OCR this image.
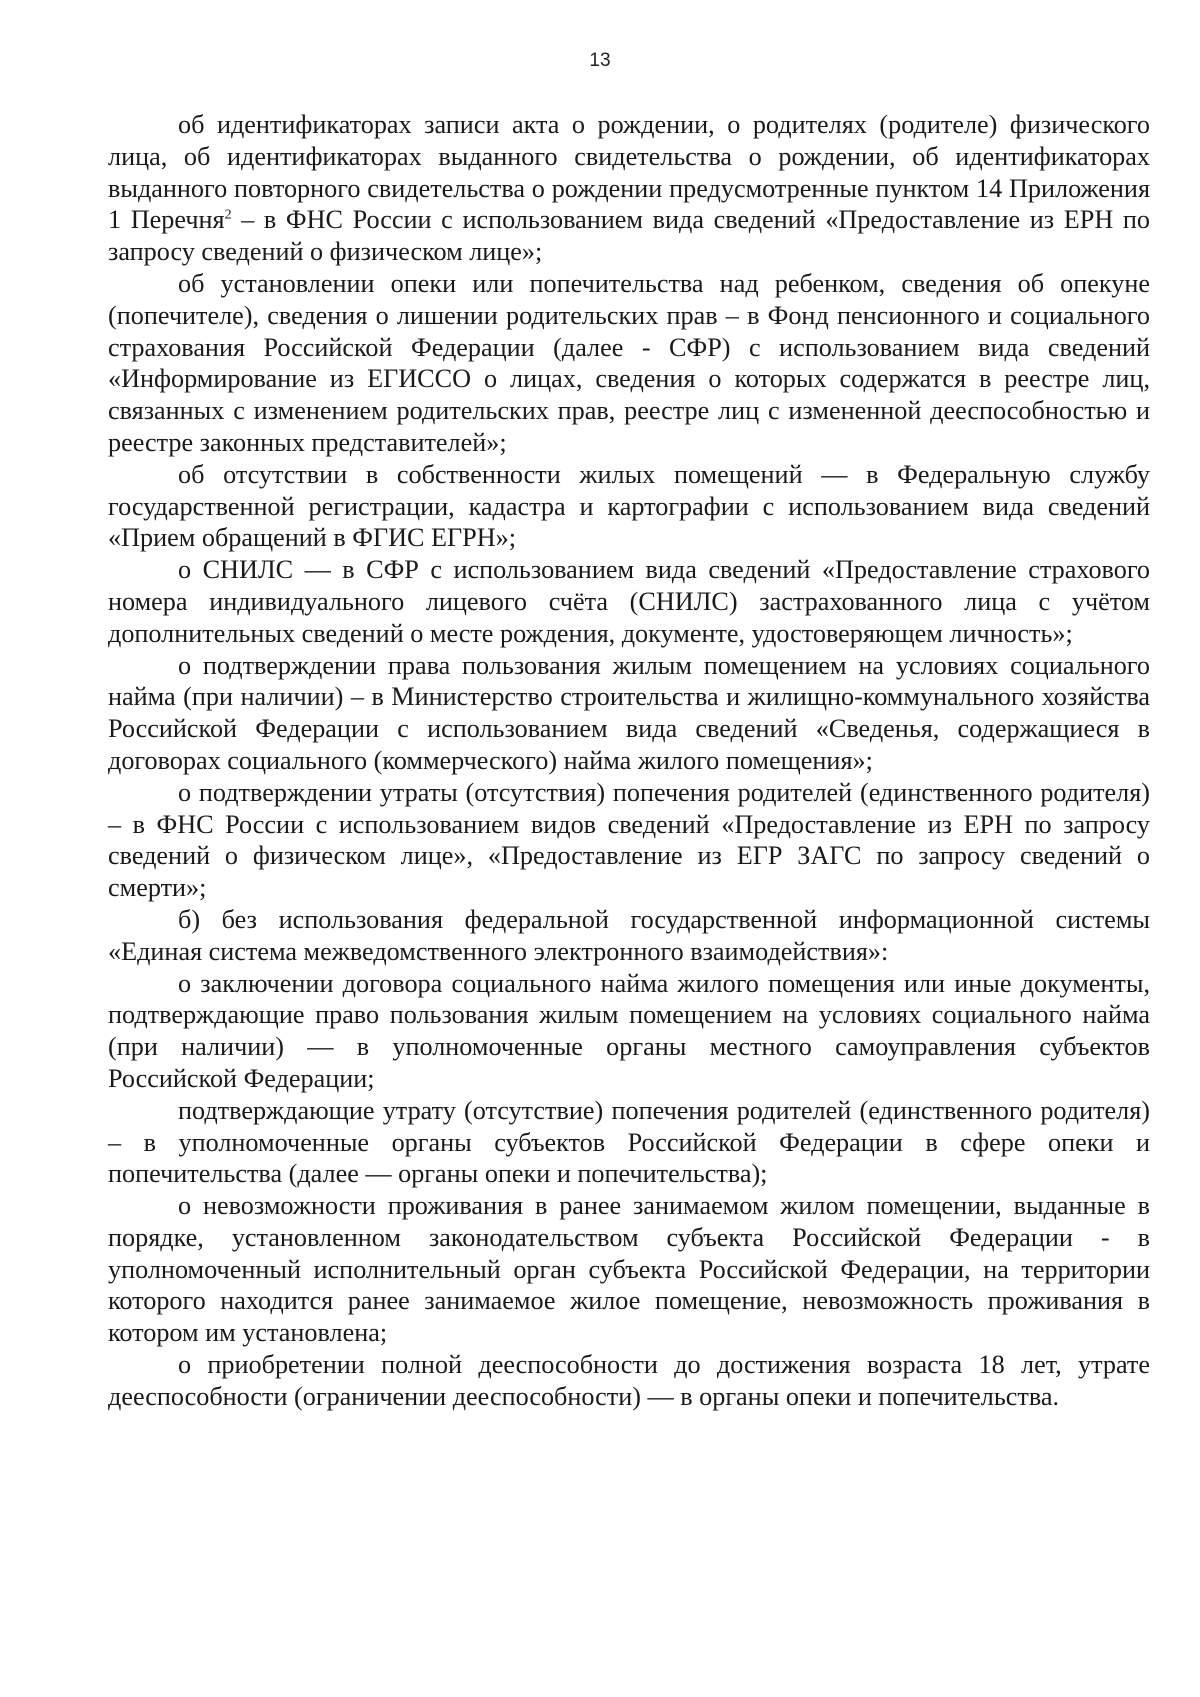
13

об идентификаторах записи акта о рождении, о родителях (родителе) физического лица, об идентификаторах выданного свидетельства о рождении, об идентификаторах выданного повторного свидетельства о рождении предусмотренные пунктом 14 Приложения 1 Перечня$^2$ – в ФНС России с использованием вида сведений «Предоставление из ЕРН по запросу сведений о физическом лице»;

об установлении опеки или попечительства над ребенком, сведения об опекуне (попечителе), сведения о лишении родительских прав – в Фонд пенсионного и социального страхования Российской Федерации (далее - СФР) с использованием вида сведений «Информирование из ЕГИССО о лицах, сведения о которых содержатся в реестре лиц, связанных с изменением родительских прав, реестре лиц с измененной дееспособностью и реестре законных представителей»;

об отсутствии в собственности жилых помещений — в Федеральную службу государственной регистрации, кадастра и картографии с использованием вида сведений «Прием обращений в ФГИС ЕГРН»;

о СНИЛС — в СФР с использованием вида сведений «Предоставление страхового номера индивидуального лицевого счёта (СНИЛС) застрахованного лица с учётом дополнительных сведений о месте рождения, документе, удостоверяющем личность»;

о подтверждении права пользования жилым помещением на условиях социального найма (при наличии) – в Министерство строительства и жилищно-коммунального хозяйства Российской Федерации с использованием вида сведений «Сведенья, содержащиеся в договорах социального (коммерческого) найма жилого помещения»;

о подтверждении утраты (отсутствия) попечения родителей (единственного родителя) – в ФНС России с использованием видов сведений «Предоставление из ЕРН по запросу сведений о физическом лице», «Предоставление из ЕГР ЗАГС по запросу сведений о смерти»;

б) без использования федеральной государственной информационной системы «Единая система межведомственного электронного взаимодействия»:

о заключении договора социального найма жилого помещения или иные документы, подтверждающие право пользования жилым помещением на условиях социального найма (при наличии) — в уполномоченные органы местного самоуправления субъектов Российской Федерации;

подтверждающие утрату (отсутствие) попечения родителей (единственного родителя) – в уполномоченные органы субъектов Российской Федерации в сфере опеки и попечительства (далее — органы опеки и попечительства);

о невозможности проживания в ранее занимаемом жилом помещении, выданные в порядке, установленном законодательством субъекта Российской Федерации - в уполномоченный исполнительный орган субъекта Российской Федерации, на территории которого находится ранее занимаемое жилое помещение, невозможность проживания в котором им установлена;

о приобретении полной дееспособности до достижения возраста 18 лет, утрате дееспособности (ограничении дееспособности) — в органы опеки и попечительства.
